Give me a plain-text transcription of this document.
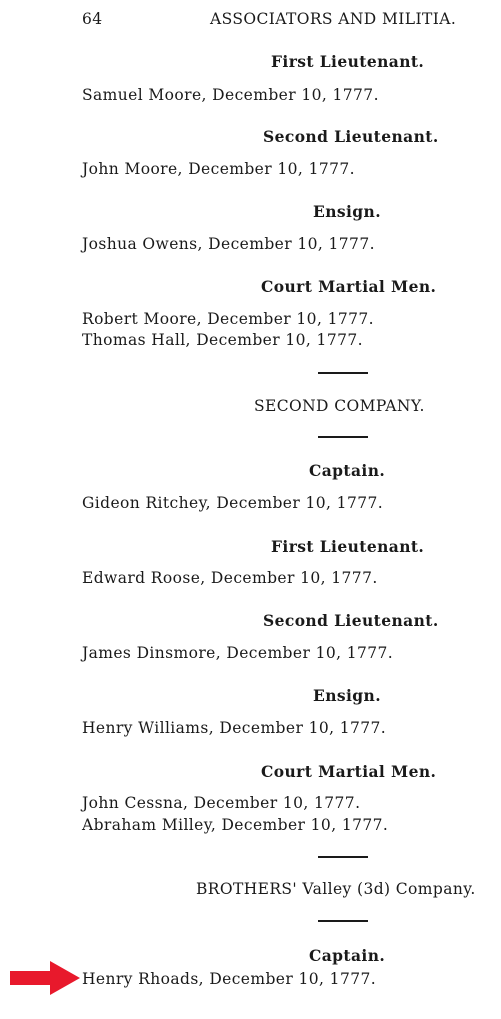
64	ASSOCIATORS AND MILITIA.
First Lieutenant.
Samuel Moore, December 10, 1777.
Second Lieutenant.
John Moore, December 10, 1777.
Ensign.
Joshua Owens, December 10, 1777.
Court Martial Men.
Robert Moore, December 10, 1777.
Thomas Hall, December 10, 1777.
SECOND COMPANY.
Captain.
Gideon Ritchey, December 10, 1777.
First Lieutenant.
Edward Roose, December 10, 1777.
Second Lieutenant.
James Dinsmore, December 10, 1777.
Ensign.
Henry Williams, December 10, 1777.
Court Martial Men.
John Cessna, December 10, 1777.
Abraham Milley, December 10, 1777.
BROTHERS' Valley (3d) Company.
Captain.
Henry Rhoads, December 10, 1777.
